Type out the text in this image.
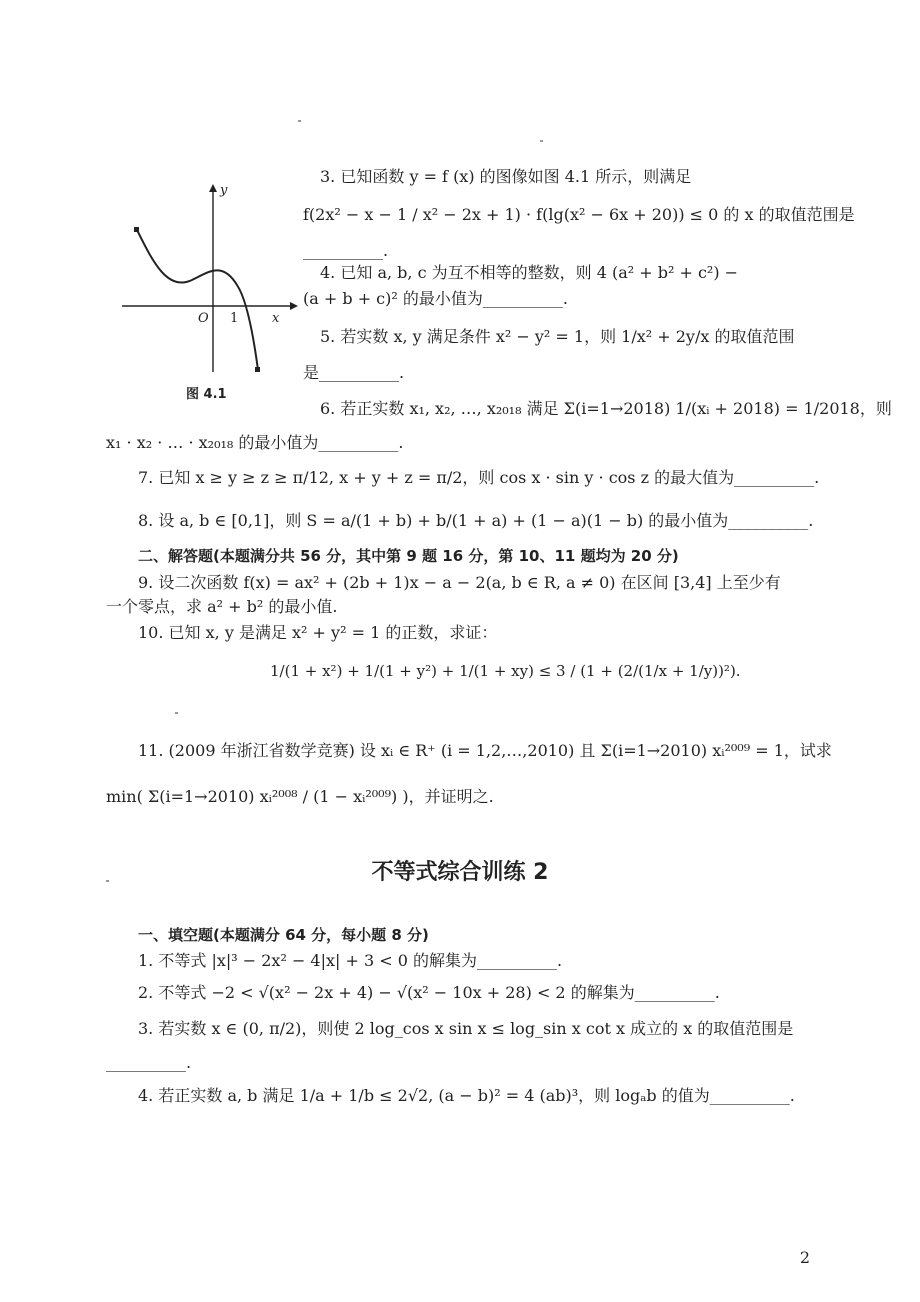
y
x
O 1
图 4.1
3. 已知函数 y = f (x) 的图像如图 4.1 所示，则满足
f(2x² − x − 1 / x² − 2x + 1) · f(lg(x² − 6x + 20)) ≤ 0 的 x 的取值范围是
__________.
4. 已知 a, b, c 为互不相等的整数，则 4 (a² + b² + c²) −
(a + b + c)² 的最小值为__________.
5. 若实数 x, y 满足条件 x² − y² = 1，则 1/x² + 2y/x 的取值范围
是__________.
6. 若正实数 x₁, x₂, …, x₂₀₁₈ 满足 Σ(i=1→2018) 1/(xᵢ + 2018) = 1/2018，则
x₁ · x₂ · … · x₂₀₁₈ 的最小值为__________.
7. 已知 x ≥ y ≥ z ≥ π/12, x + y + z = π/2，则 cos x · sin y · cos z 的最大值为__________.
8. 设 a, b ∈ [0,1]，则 S = a/(1 + b) + b/(1 + a) + (1 − a)(1 − b) 的最小值为__________.
二、解答题(本题满分共 56 分，其中第 9 题 16 分，第 10、11 题均为 20 分)
9. 设二次函数 f(x) = ax² + (2b + 1)x − a − 2(a, b ∈ R, a ≠ 0) 在区间 [3,4] 上至少有
一个零点，求 a² + b² 的最小值.
10. 已知 x, y 是满足 x² + y² = 1 的正数，求证：
1/(1 + x²) + 1/(1 + y²) + 1/(1 + xy) ≤ 3 / (1 + (2/(1/x + 1/y))²).
11. (2009 年浙江省数学竞赛) 设 xᵢ ∈ R⁺ (i = 1,2,…,2010) 且 Σ(i=1→2010) xᵢ²⁰⁰⁹ = 1，试求
min( Σ(i=1→2010) xᵢ²⁰⁰⁸ / (1 − xᵢ²⁰⁰⁹) )，并证明之.
不等式综合训练 2
一、填空题(本题满分 64 分，每小题 8 分)
1. 不等式 |x|³ − 2x² − 4|x| + 3 < 0 的解集为__________.
2. 不等式 −2 < √(x² − 2x + 4) − √(x² − 10x + 28) < 2 的解集为__________.
3. 若实数 x ∈ (0, π/2)，则使 2 log_cos x sin x ≤ log_sin x cot x 成立的 x 的取值范围是
__________.
4. 若正实数 a, b 满足 1/a + 1/b ≤ 2√2, (a − b)² = 4 (ab)³，则 logₐb 的值为__________.
2
